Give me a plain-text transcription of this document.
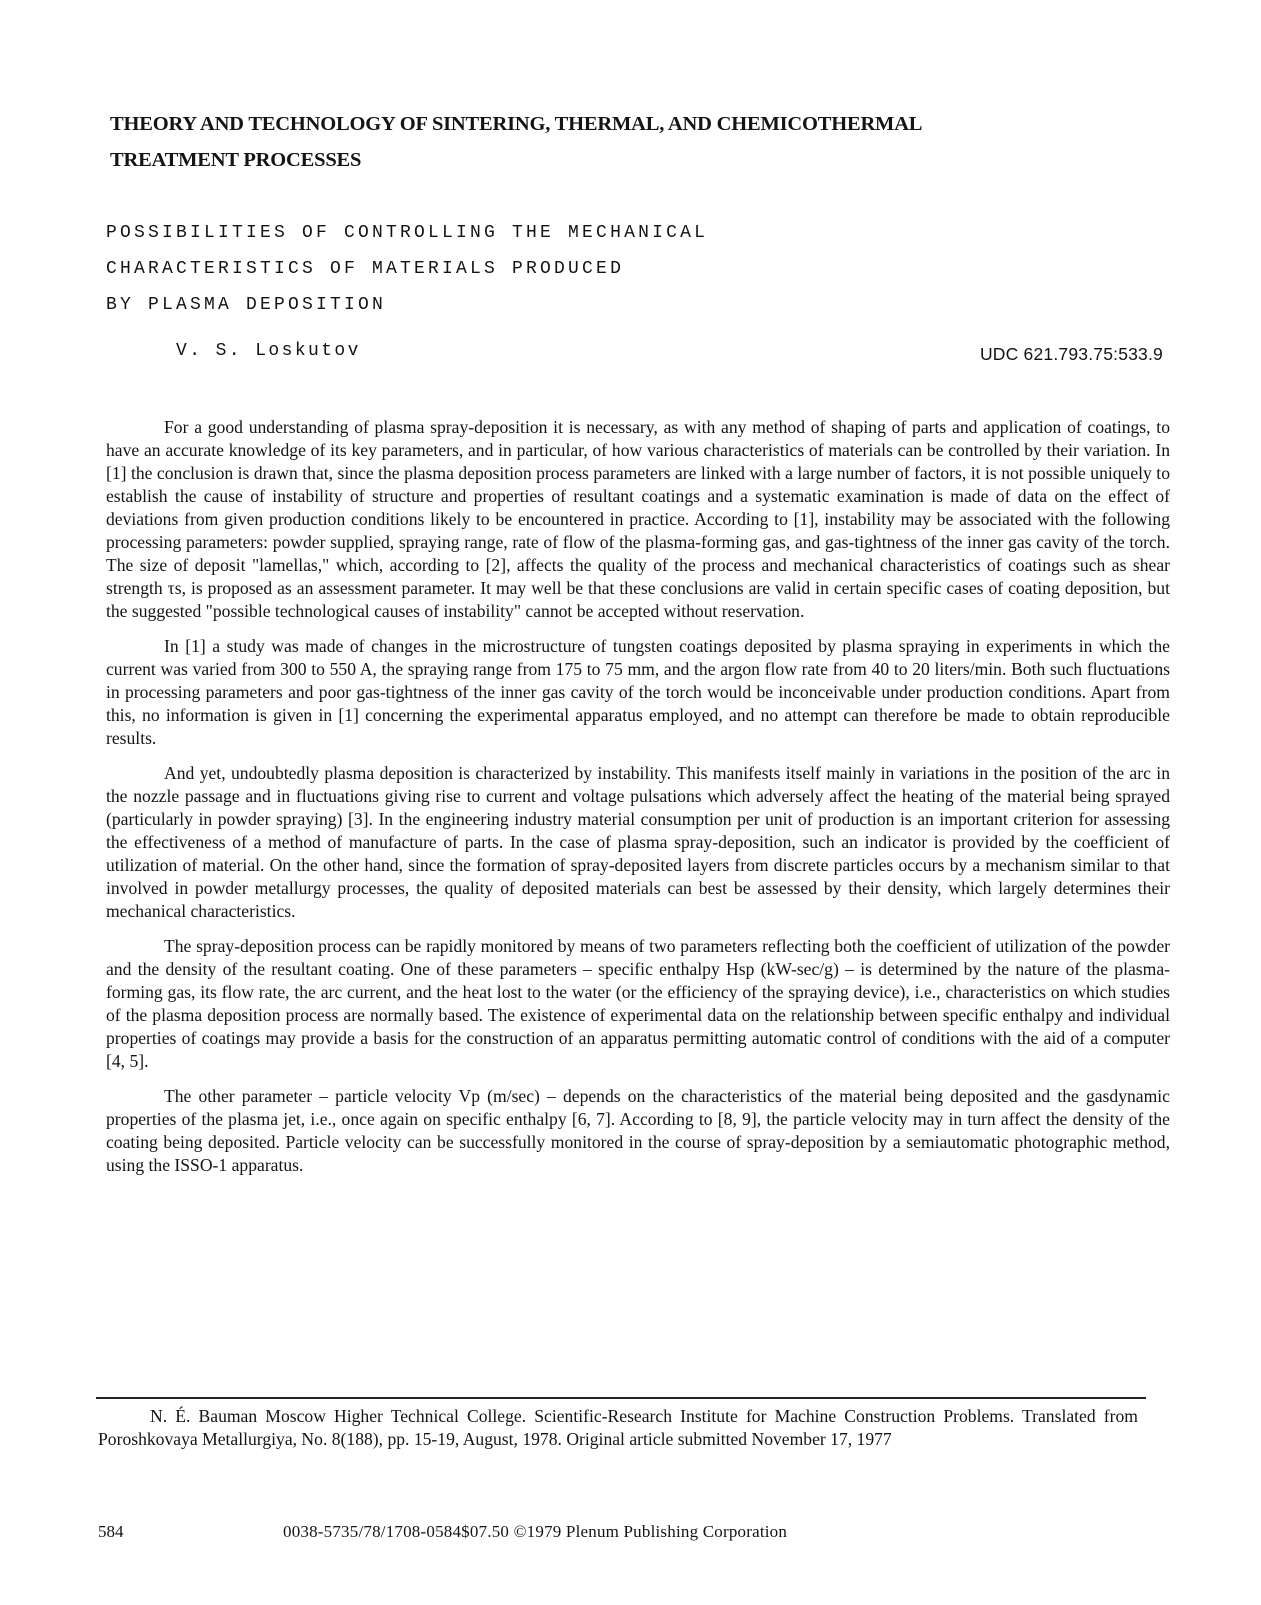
THEORY AND TECHNOLOGY OF SINTERING, THERMAL, AND CHEMICOTHERMAL
TREATMENT PROCESSES
POSSIBILITIES OF CONTROLLING THE MECHANICAL
CHARACTERISTICS OF MATERIALS PRODUCED
BY PLASMA DEPOSITION
V. S. Loskutov	UDC 621.793.75:533.9

For a good understanding of plasma spray-deposition it is necessary, as with any method of shaping of parts and application of coatings, to have an accurate knowledge of its key parameters, and in particular, of how various characteristics of materials can be controlled by their variation. In [1] the conclusion is drawn that, since the plasma deposition process parameters are linked with a large number of factors, it is not possible uniquely to establish the cause of instability of structure and properties of resultant coatings and a systematic examination is made of data on the effect of deviations from given production conditions likely to be encountered in practice. According to [1], instability may be associated with the following processing parameters: powder supplied, spraying range, rate of flow of the plasma-forming gas, and gas-tightness of the inner gas cavity of the torch. The size of deposit "lamellas," which, according to [2], affects the quality of the process and mechanical characteristics of coatings such as shear strength τs, is proposed as an assessment parameter. It may well be that these conclusions are valid in certain specific cases of coating deposition, but the suggested "possible technological causes of instability" cannot be accepted without reservation.

In [1] a study was made of changes in the microstructure of tungsten coatings deposited by plasma spraying in experiments in which the current was varied from 300 to 550 A, the spraying range from 175 to 75 mm, and the argon flow rate from 40 to 20 liters/min. Both such fluctuations in processing parameters and poor gas-tightness of the inner gas cavity of the torch would be inconceivable under production conditions. Apart from this, no information is given in [1] concerning the experimental apparatus employed, and no attempt can therefore be made to obtain reproducible results.

And yet, undoubtedly plasma deposition is characterized by instability. This manifests itself mainly in variations in the position of the arc in the nozzle passage and in fluctuations giving rise to current and voltage pulsations which adversely affect the heating of the material being sprayed (particularly in powder spraying) [3]. In the engineering industry material consumption per unit of production is an important criterion for assessing the effectiveness of a method of manufacture of parts. In the case of plasma spray-deposition, such an indicator is provided by the coefficient of utilization of material. On the other hand, since the formation of spray-deposited layers from discrete particles occurs by a mechanism similar to that involved in powder metallurgy processes, the quality of deposited materials can best be assessed by their density, which largely determines their mechanical characteristics.

The spray-deposition process can be rapidly monitored by means of two parameters reflecting both the coefficient of utilization of the powder and the density of the resultant coating. One of these parameters – specific enthalpy Hsp (kW-sec/g) – is determined by the nature of the plasma-forming gas, its flow rate, the arc current, and the heat lost to the water (or the efficiency of the spraying device), i.e., characteristics on which studies of the plasma deposition process are normally based. The existence of experimental data on the relationship between specific enthalpy and individual properties of coatings may provide a basis for the construction of an apparatus permitting automatic control of conditions with the aid of a computer [4, 5].

The other parameter – particle velocity Vp (m/sec) – depends on the characteristics of the material being deposited and the gasdynamic properties of the plasma jet, i.e., once again on specific enthalpy [6, 7]. According to [8, 9], the particle velocity may in turn affect the density of the coating being deposited. Particle velocity can be successfully monitored in the course of spray-deposition by a semiautomatic photographic method, using the ISSO-1 apparatus.

N. É. Bauman Moscow Higher Technical College. Scientific-Research Institute for Machine Construction Problems. Translated from Poroshkovaya Metallurgiya, No. 8(188), pp. 15-19, August, 1978. Original article submitted November 17, 1977
584	0038-5735/78/1708-0584$07.50 ©1979 Plenum Publishing Corporation
